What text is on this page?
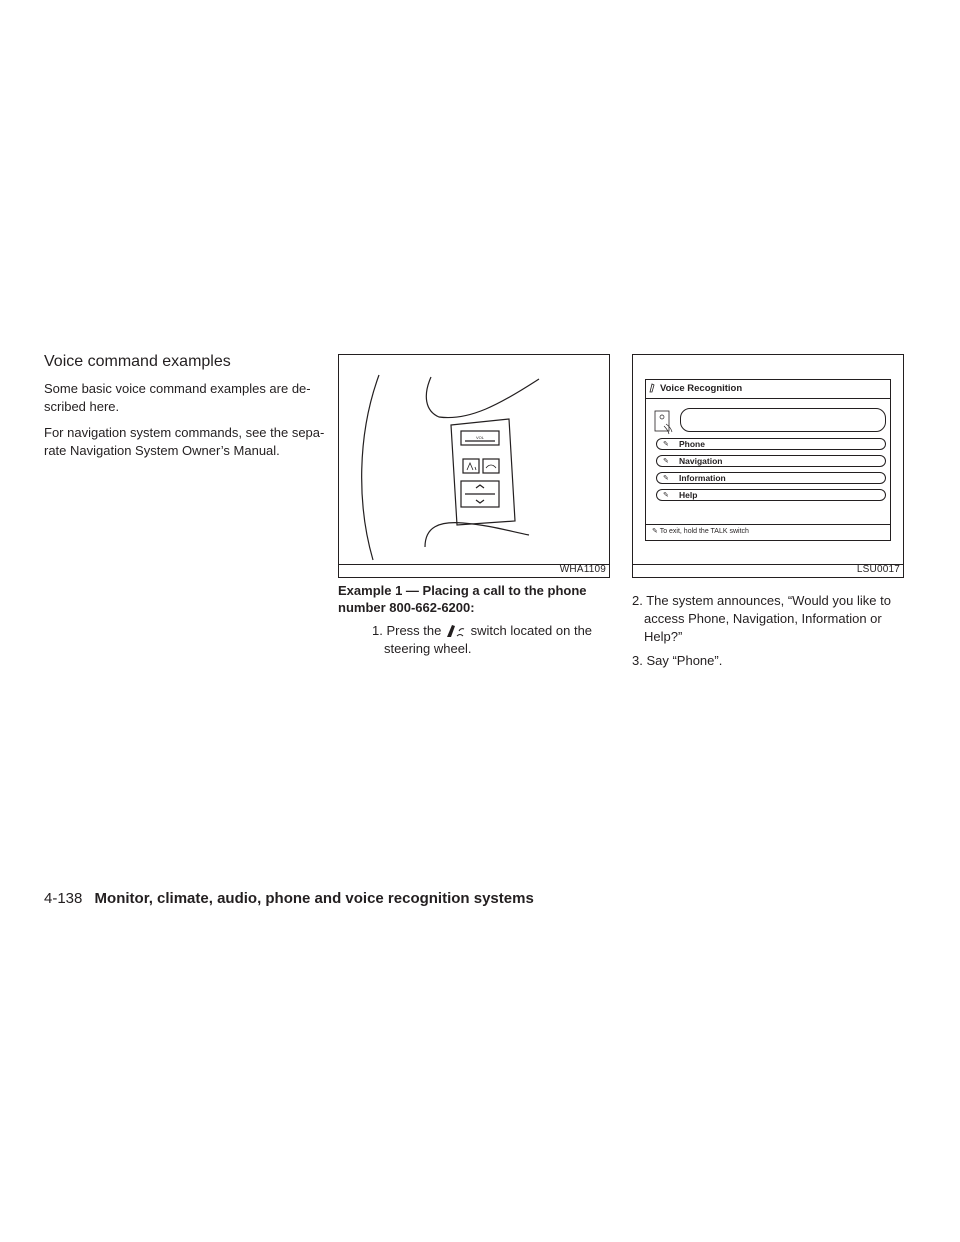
Voice command examples

Some basic voice command examples are de-scribed here.

For navigation system commands, see the sepa-rate Navigation System Owner’s Manual.

VOL
WHA1109
Example 1 — Placing a call to the phone number 800-662-6200:
1. Press the switch located on the steering wheel.
Voice Recognition
✎ Phone
✎ Navigation
✎ Information
✎ Help
✎ To exit, hold the TALK switch
LSU0017

2. The system announces, “Would you like to access Phone, Navigation, Information or Help?”

3. Say “Phone”.

4-138 Monitor, climate, audio, phone and voice recognition systems
